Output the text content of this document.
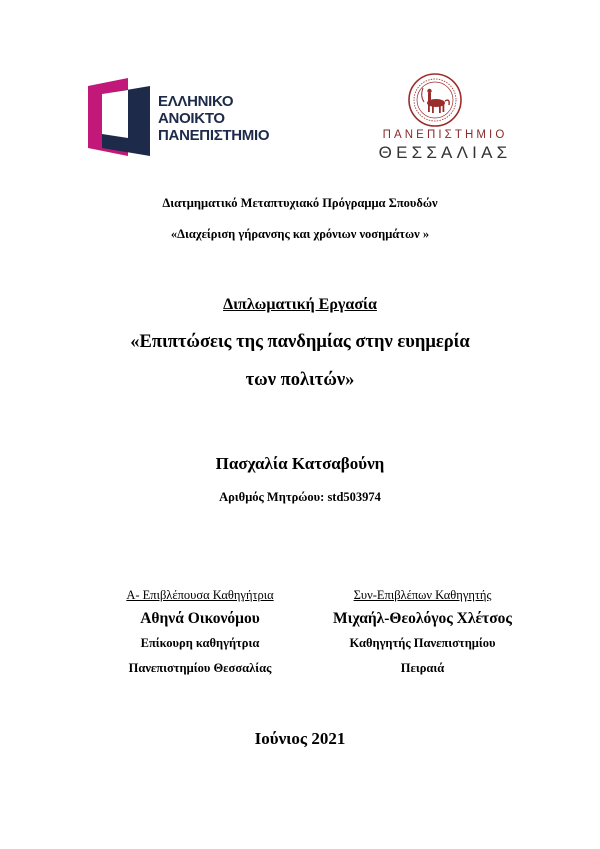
ΕΛΛΗΝΙΚΟ
ΑΝΟΙΚΤΟ
ΠΑΝΕΠΙΣΤΗΜΙΟ	ΠΑΝΕΠΙΣΤΗΜΙΟ
ΘΕΣΣΑΛΙΑΣ
Διατμηματικό Μεταπτυχιακό Πρόγραμμα Σπουδών
«Διαχείριση γήρανσης και χρόνιων νοσημάτων »
Διπλωματική Εργασία
«Επιπτώσεις της πανδημίας στην ευημερία
των πολιτών»
Πασχαλία Κατσαβούνη
Αριθμός Μητρώου: std503974
Α- Επιβλέπουσα Καθηγήτρια
Αθηνά Οικονόμου
Επίκουρη καθηγήτρια
Πανεπιστημίου Θεσσαλίας
Συν-Επιβλέπων Καθηγητής
Μιχαήλ-Θεολόγος Χλέτσος
Καθηγητής Πανεπιστημίου
Πειραιά
Ιούνιος 2021
